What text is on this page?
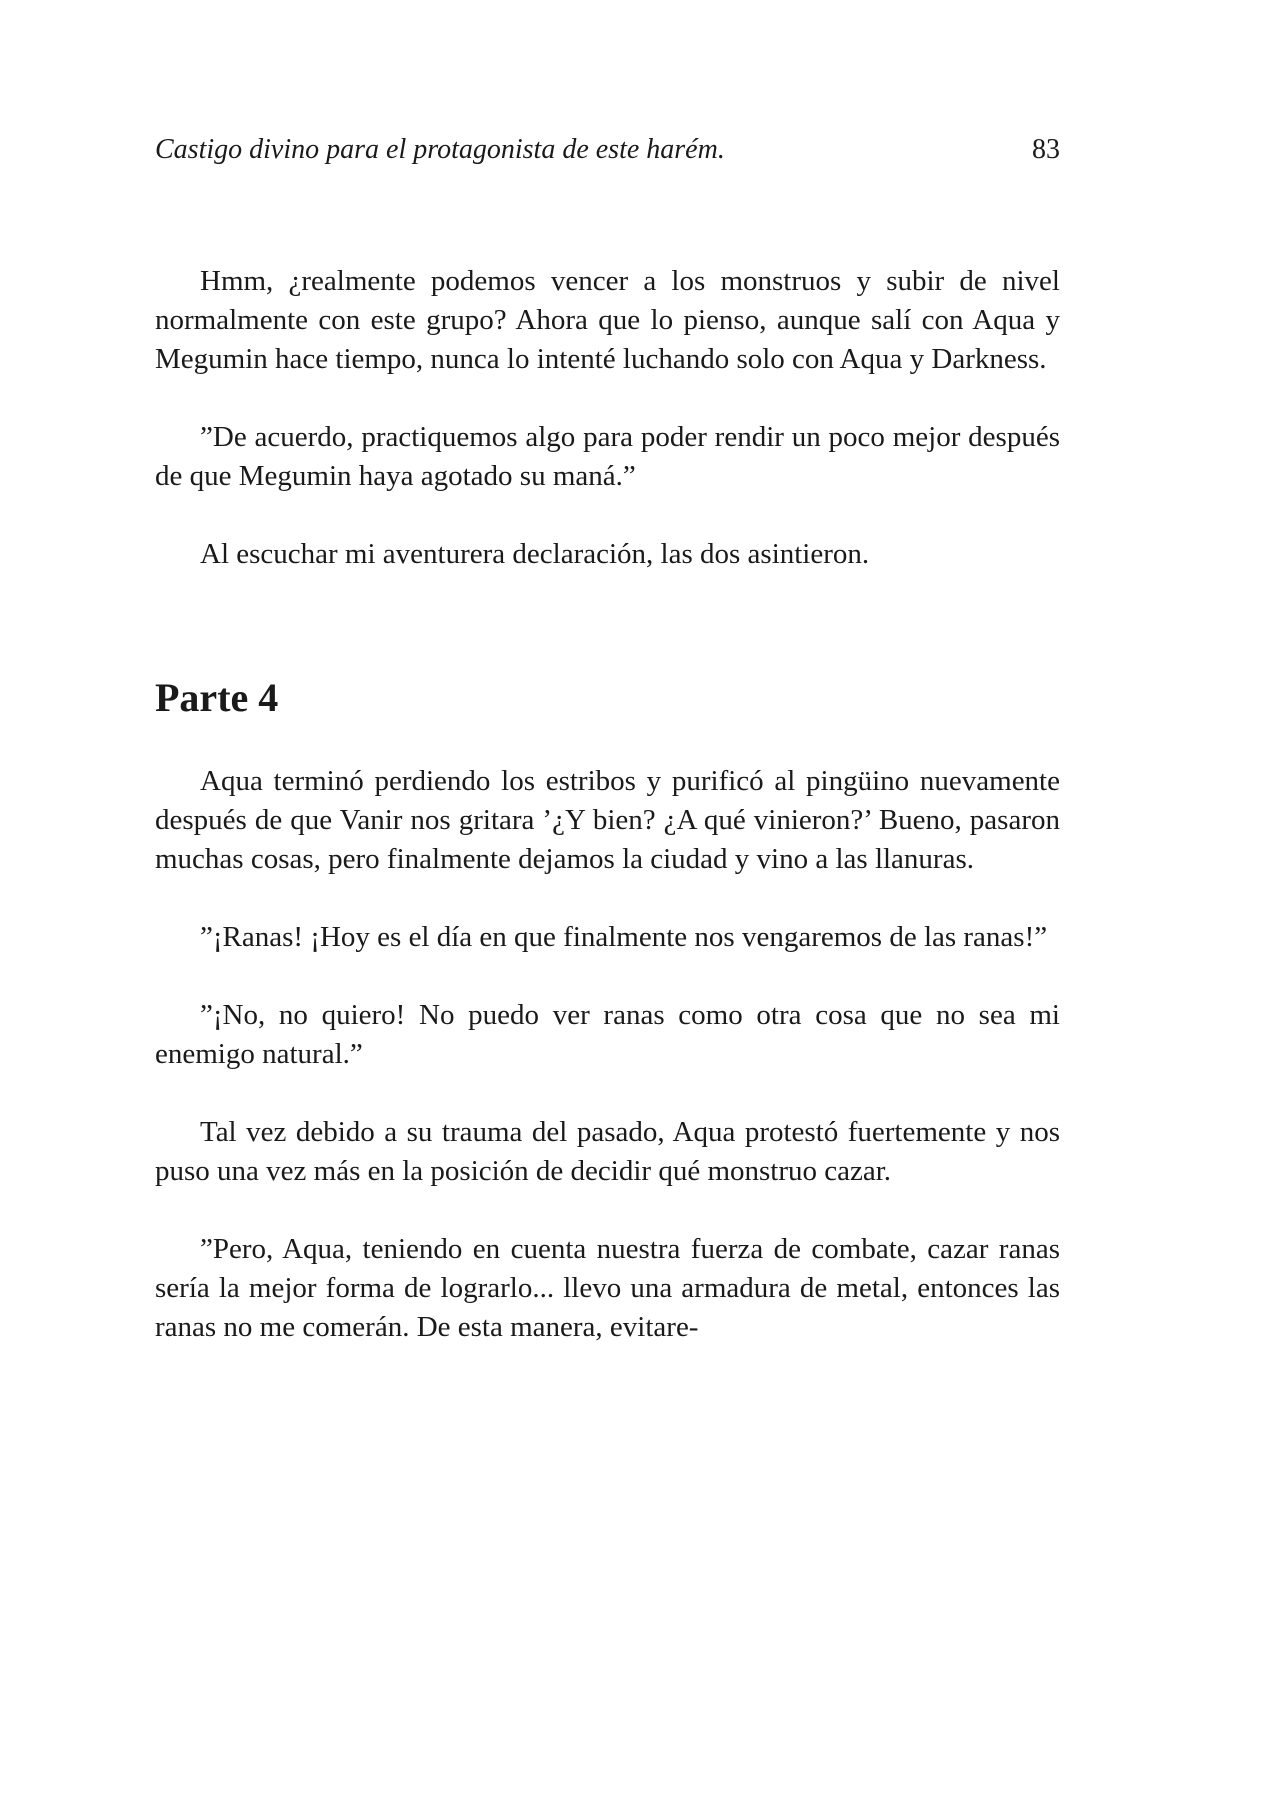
Castigo divino para el protagonista de este harém.	83

Hmm, ¿realmente podemos vencer a los monstruos y subir de nivel normalmente con este grupo? Ahora que lo pienso, aunque salí con Aqua y Megumin hace tiempo, nunca lo intenté luchando solo con Aqua y Darkness.

”De acuerdo, practiquemos algo para poder rendir un poco mejor después de que Megumin haya agotado su maná.”

Al escuchar mi aventurera declaración, las dos asintieron.

Parte 4

Aqua terminó perdiendo los estribos y purificó al pingüino nuevamente después de que Vanir nos gritara ’¿Y bien? ¿A qué vinieron?’ Bueno, pasaron muchas cosas, pero finalmente dejamos la ciudad y vino a las llanuras.

”¡Ranas! ¡Hoy es el día en que finalmente nos vengaremos de las ranas!”

”¡No, no quiero! No puedo ver ranas como otra cosa que no sea mi enemigo natural.”

Tal vez debido a su trauma del pasado, Aqua protestó fuertemente y nos puso una vez más en la posición de decidir qué monstruo cazar.

”Pero, Aqua, teniendo en cuenta nuestra fuerza de combate, cazar ranas sería la mejor forma de lograrlo... llevo una armadura de metal, entonces las ranas no me comerán. De esta manera, evitare-
